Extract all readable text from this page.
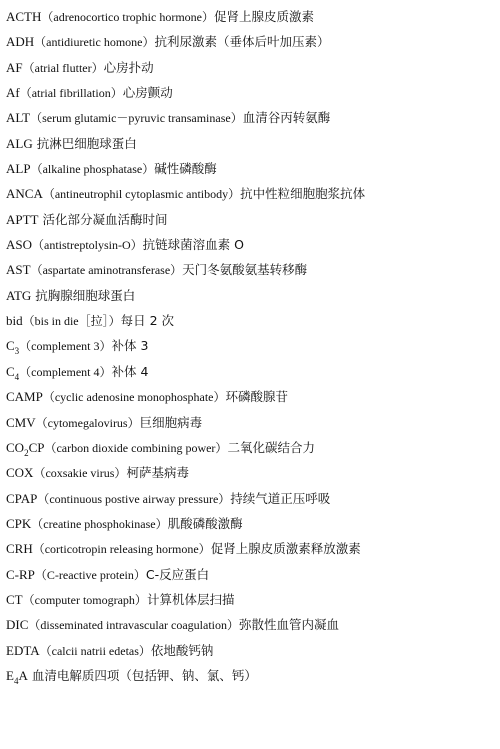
ACTH（adrenocortico trophic hormone）促肾上腺皮质激素
ADH（antidiuretic homone）抗利尿激素（垂体后叶加压素）
AF（atrial flutter）心房扑动
Af（atrial fibrillation）心房颤动
ALT（serum glutamic－pyruvic transaminase）血清谷丙转氨酶
ALG 抗淋巴细胞球蛋白
ALP（alkaline phosphatase）碱性磷酸酶
ANCA（antineutrophil cytoplasmic antibody）抗中性粒细胞胞浆抗体
APTT 活化部分凝血活酶时间
ASO（antistreptolysin-O）抗链球菌溶血素 O
AST（aspartate aminotransferase）天门冬氨酸氨基转移酶
ATG 抗胸腺细胞球蛋白
bid（bis in die［拉］）每日 2 次
$C_3(complement$ 3）补体 3
$C_4(complement$ 4）补体 4
CAMP（cyclic adenosine monophosphate）环磷酸腺苷
CMV（cytomegalovirus）巨细胞病毒
$CO_2CP(carbon$ dioxide combining power）二氧化碳结合力
COX（coxsakie virus）柯萨基病毒
CPAP（continuous postive airway pressure）持续气道正压呼吸
CPK（creatine phosphokinase）肌酸磷酸激酶
CRH（corticotropin releasing hormone）促肾上腺皮质激素释放激素
C-RP（C-reactive protein）C-反应蛋白
CT（computer tomograph）计算机体层扫描
DIC（disseminated intravascular coagulation）弥散性血管内凝血
EDTA（calcii natrii edetas）依地酸钙钠
$E_4A$ 血清电解质四项（包括钾、钠、氯、钙）
